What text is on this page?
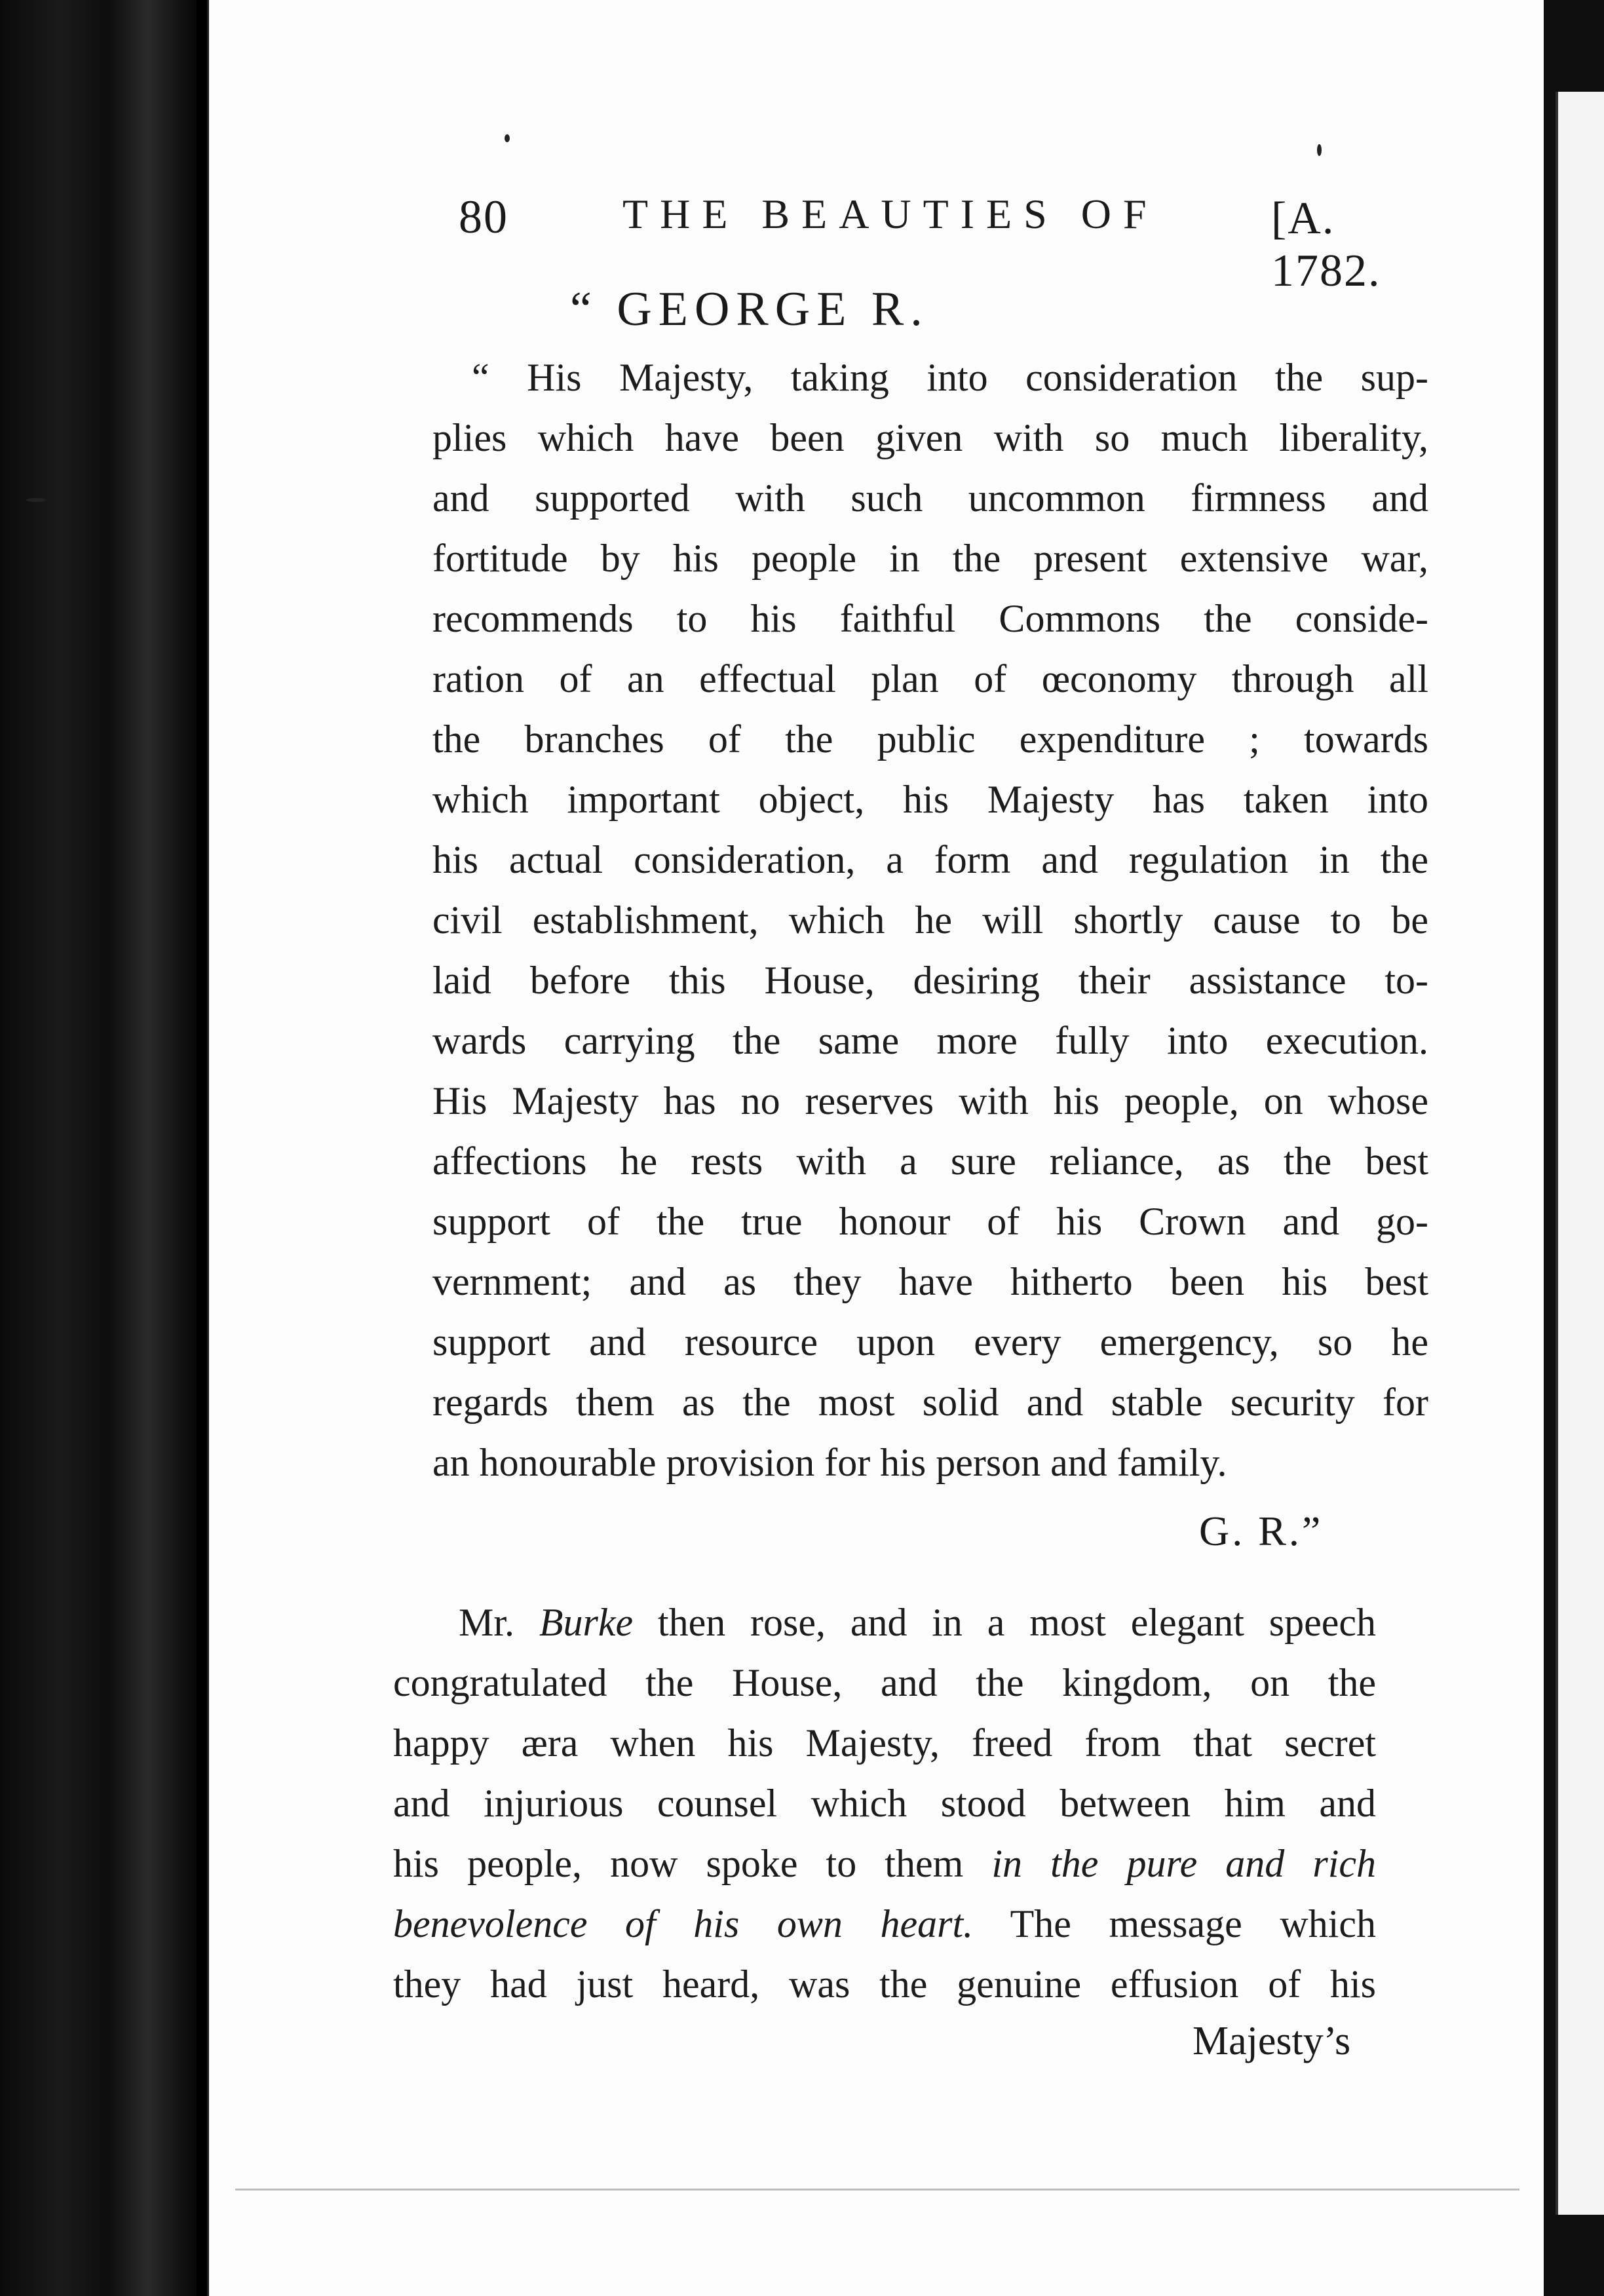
80	THE BEAUTIES OF [A. 1782.
“ GEORGE R.
“ His Majesty, taking into consideration the sup-
plies which have been given with so much liberality,
and supported with such uncommon firmness and
fortitude by his people in the present extensive war,
recommends to his faithful Commons the conside-
ration of an effectual plan of œconomy through all
the branches of the public expenditure ; towards
which important object, his Majesty has taken into
his actual consideration, a form and regulation in the
civil establishment, which he will shortly cause to be
laid before this House, desiring their assistance to-
wards carrying the same more fully into execution.
His Majesty has no reserves with his people, on whose
affections he rests with a sure reliance, as the best
support of the true honour of his Crown and go-
vernment; and as they have hitherto been his best
support and resource upon every emergency, so he
regards them as the most solid and stable security for
an honourable provision for his person and family.
G. R.”
Mr. Burke then rose, and in a most elegant speech
congratulated the House, and the kingdom, on the
happy æra when his Majesty, freed from that secret
and injurious counsel which stood between him and
his people, now spoke to them in the pure and rich
benevolence of his own heart. The message which
they had just heard, was the genuine effusion of his
Majesty’s
